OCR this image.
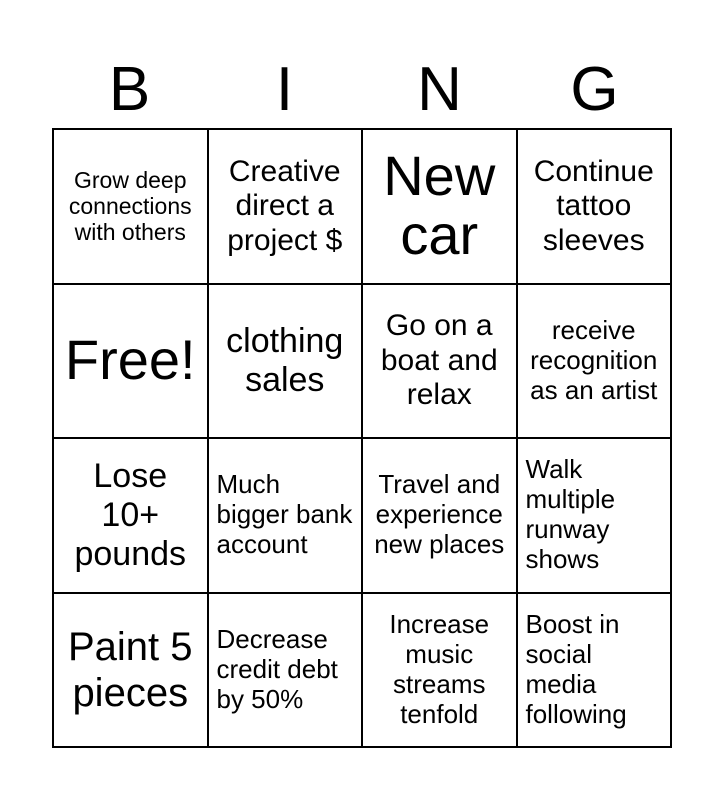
B	I	N	G
Grow deep connections with others
Creative direct a project $
New car
Continue tattoo sleeves
Free! clothing sales
Go on a boat and relax
receive recognition as an artist
Lose 10+ pounds
Much bigger bank account
Travel and experience new places
Walk multiple runway shows
Paint 5 pieces
Decrease credit debt by 50%
Increase music streams tenfold
Boost in social media following
